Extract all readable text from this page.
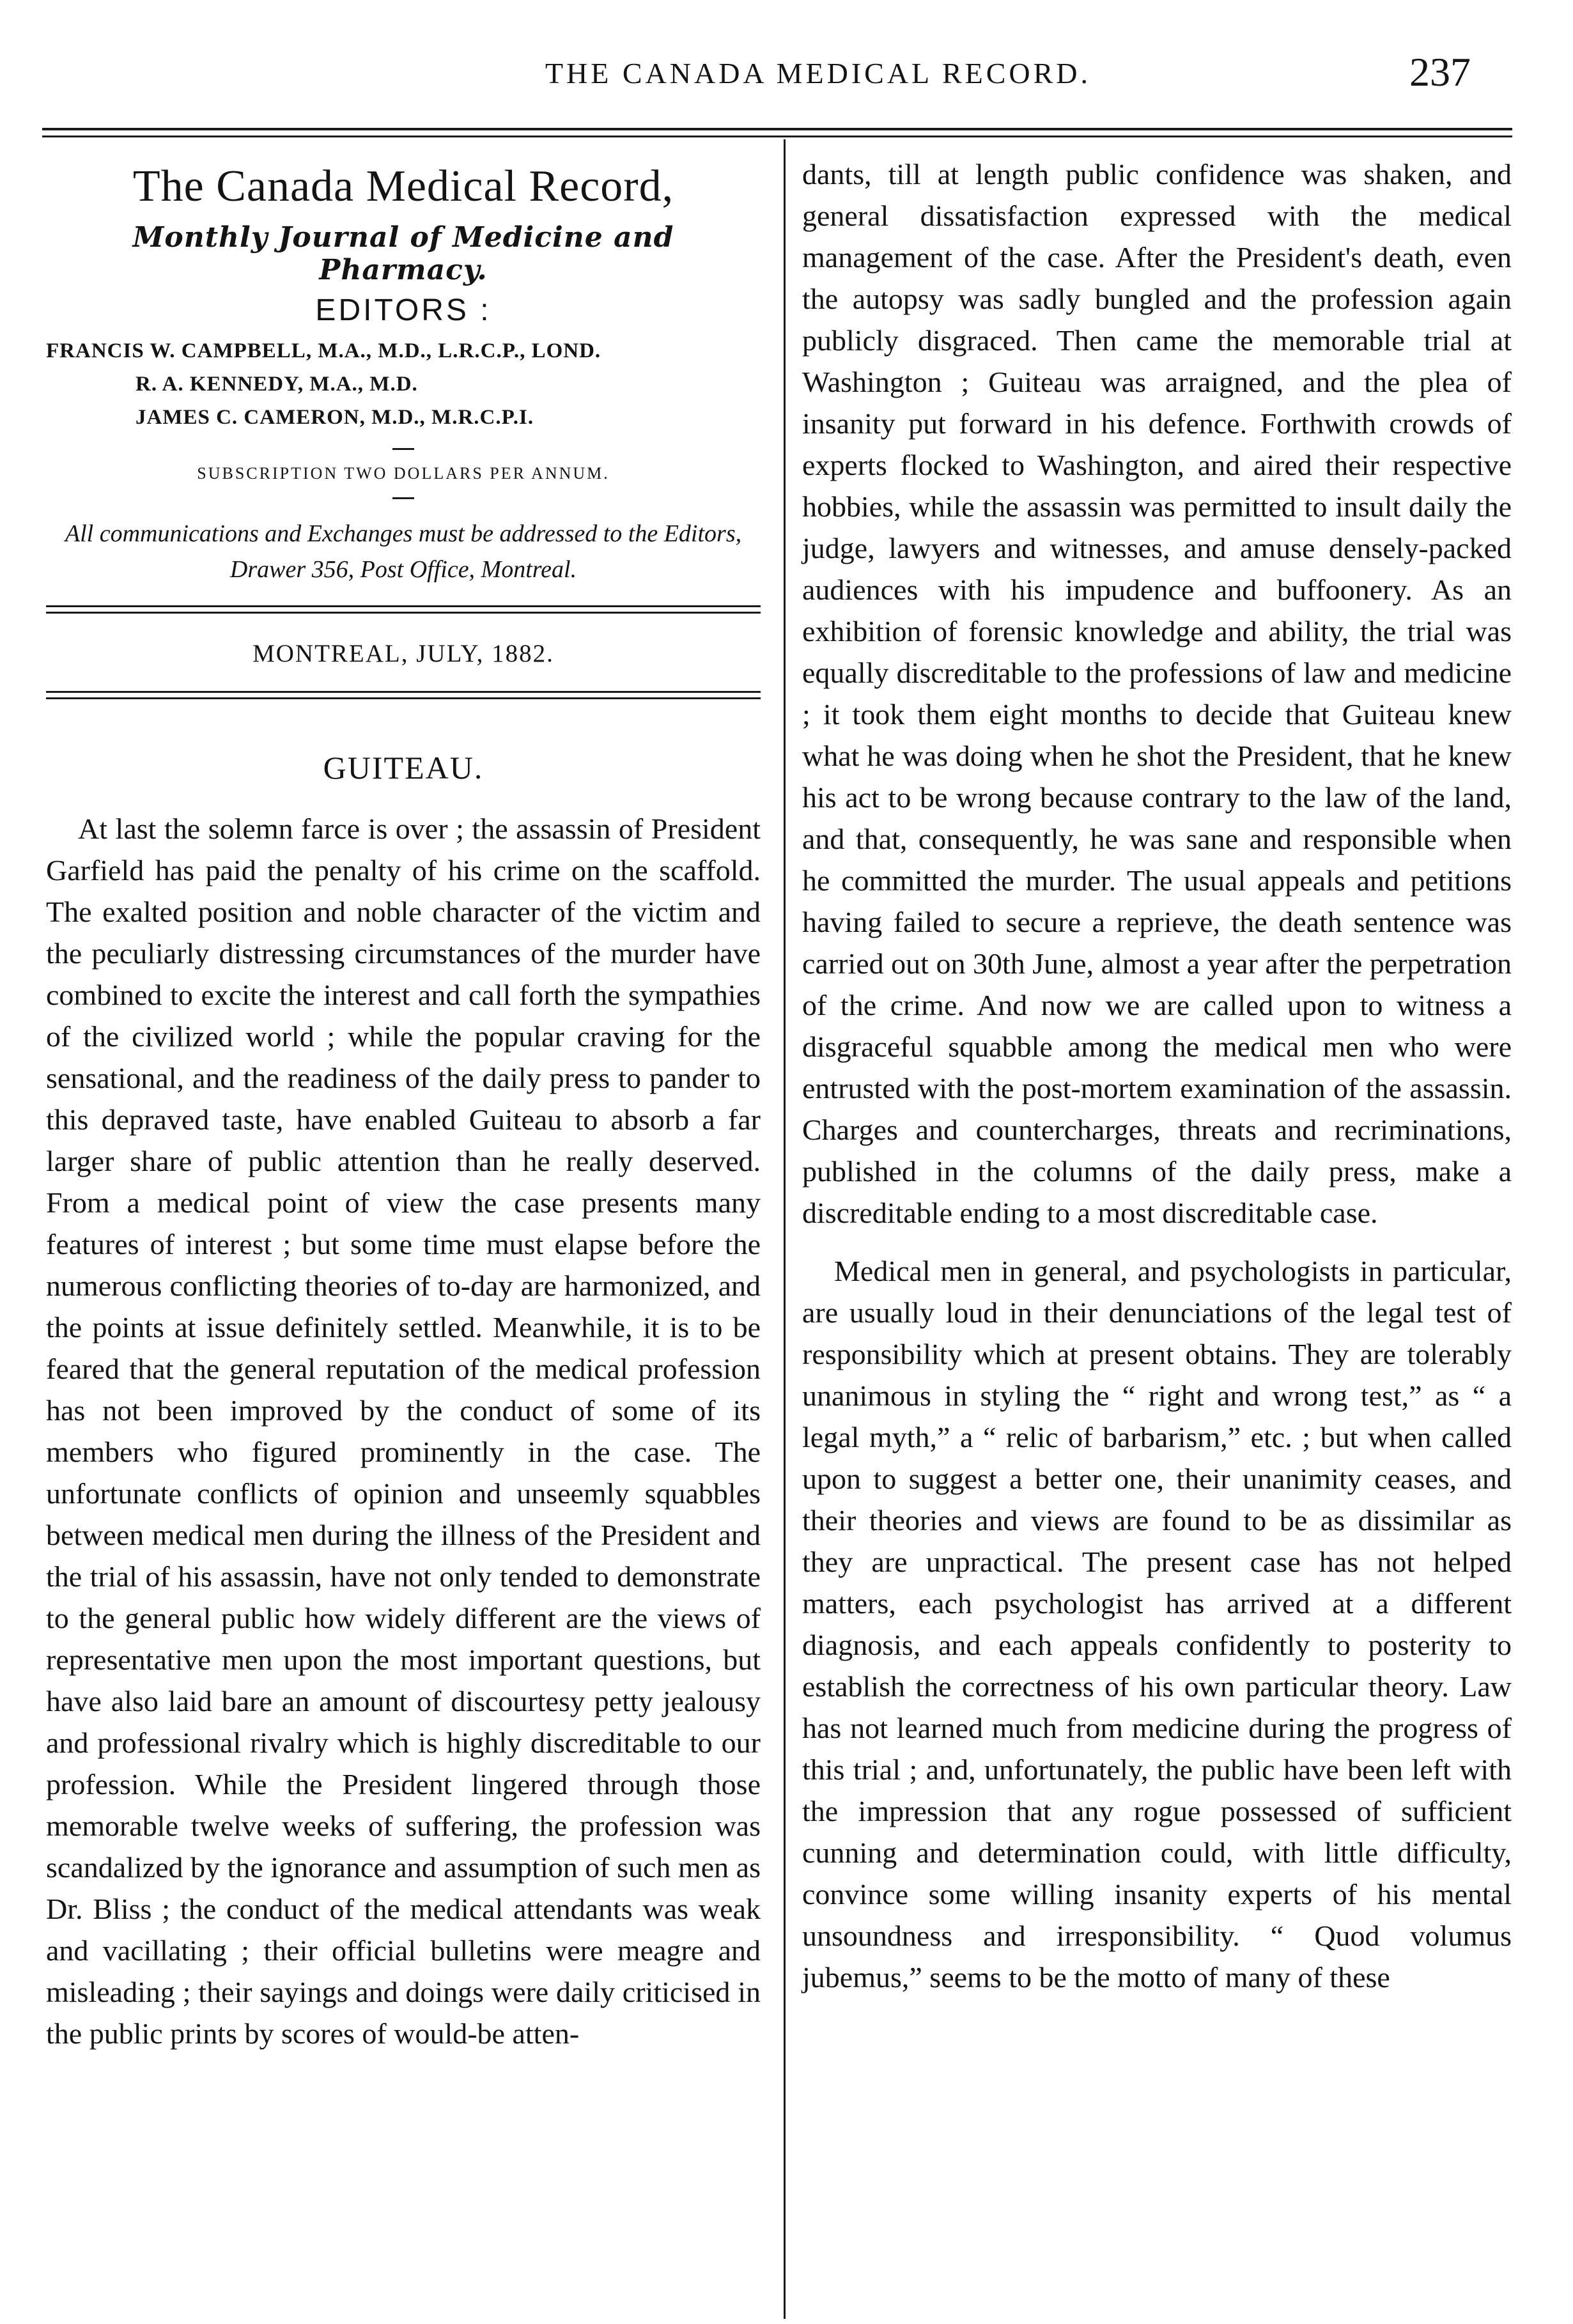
THE CANADA MEDICAL RECORD.	237
The Canada Medical Record,
Monthly Journal of Medicine and Pharmacy.
EDITORS :
FRANCIS W. CAMPBELL, M.A., M.D., L.R.C.P., LOND.
R. A. KENNEDY, M.A., M.D.
JAMES C. CAMERON, M.D., M.R.C.P.I.
SUBSCRIPTION TWO DOLLARS PER ANNUM.
All communications and Exchanges must be addressed to the Editors, Drawer 356, Post Office, Montreal.
MONTREAL, JULY, 1882.
GUITEAU.

At last the solemn farce is over ; the assassin of President Garfield has paid the penalty of his crime on the scaffold. The exalted position and noble character of the victim and the peculiarly distressing circumstances of the murder have combined to excite the interest and call forth the sympathies of the civilized world ; while the popular craving for the sensational, and the readiness of the daily press to pander to this depraved taste, have enabled Guiteau to absorb a far larger share of public attention than he really deserved. From a medical point of view the case presents many features of interest ; but some time must elapse before the numerous conflicting theories of to-day are harmonized, and the points at issue definitely settled. Meanwhile, it is to be feared that the general reputation of the medical profession has not been improved by the conduct of some of its members who figured prominently in the case. The unfortunate conflicts of opinion and unseemly squabbles between medical men during the illness of the President and the trial of his assassin, have not only tended to demonstrate to the general public how widely different are the views of representative men upon the most important questions, but have also laid bare an amount of discourtesy petty jealousy and professional rivalry which is highly discreditable to our profession. While the President lingered through those memorable twelve weeks of suffering, the profession was scandalized by the ignorance and assumption of such men as Dr. Bliss ; the conduct of the medical attendants was weak and vacillating ; their official bulletins were meagre and misleading ; their sayings and doings were daily criticised in the public prints by scores of would-be atten-

dants, till at length public confidence was shaken, and general dissatisfaction expressed with the medical management of the case. After the President's death, even the autopsy was sadly bungled and the profession again publicly disgraced. Then came the memorable trial at Washington ; Guiteau was arraigned, and the plea of insanity put forward in his defence. Forthwith crowds of experts flocked to Washington, and aired their respective hobbies, while the assassin was permitted to insult daily the judge, lawyers and witnesses, and amuse densely-packed audiences with his impudence and buffoonery. As an exhibition of forensic knowledge and ability, the trial was equally discreditable to the professions of law and medicine ; it took them eight months to decide that Guiteau knew what he was doing when he shot the President, that he knew his act to be wrong because contrary to the law of the land, and that, consequently, he was sane and responsible when he committed the murder. The usual appeals and petitions having failed to secure a reprieve, the death sentence was carried out on 30th June, almost a year after the perpetration of the crime. And now we are called upon to witness a disgraceful squabble among the medical men who were entrusted with the post-mortem examination of the assassin. Charges and countercharges, threats and recriminations, published in the columns of the daily press, make a discreditable ending to a most discreditable case.

Medical men in general, and psychologists in particular, are usually loud in their denunciations of the legal test of responsibility which at present obtains. They are tolerably unanimous in styling the “ right and wrong test,” as “ a legal myth,” a “ relic of barbarism,” etc. ; but when called upon to suggest a better one, their unanimity ceases, and their theories and views are found to be as dissimilar as they are unpractical. The present case has not helped matters, each psychologist has arrived at a different diagnosis, and each appeals confidently to posterity to establish the correctness of his own particular theory. Law has not learned much from medicine during the progress of this trial ; and, unfortunately, the public have been left with the impression that any rogue possessed of sufficient cunning and determination could, with little difficulty, convince some willing insanity experts of his mental unsoundness and irresponsibility. “ Quod volumus jubemus,” seems to be the motto of many of these
